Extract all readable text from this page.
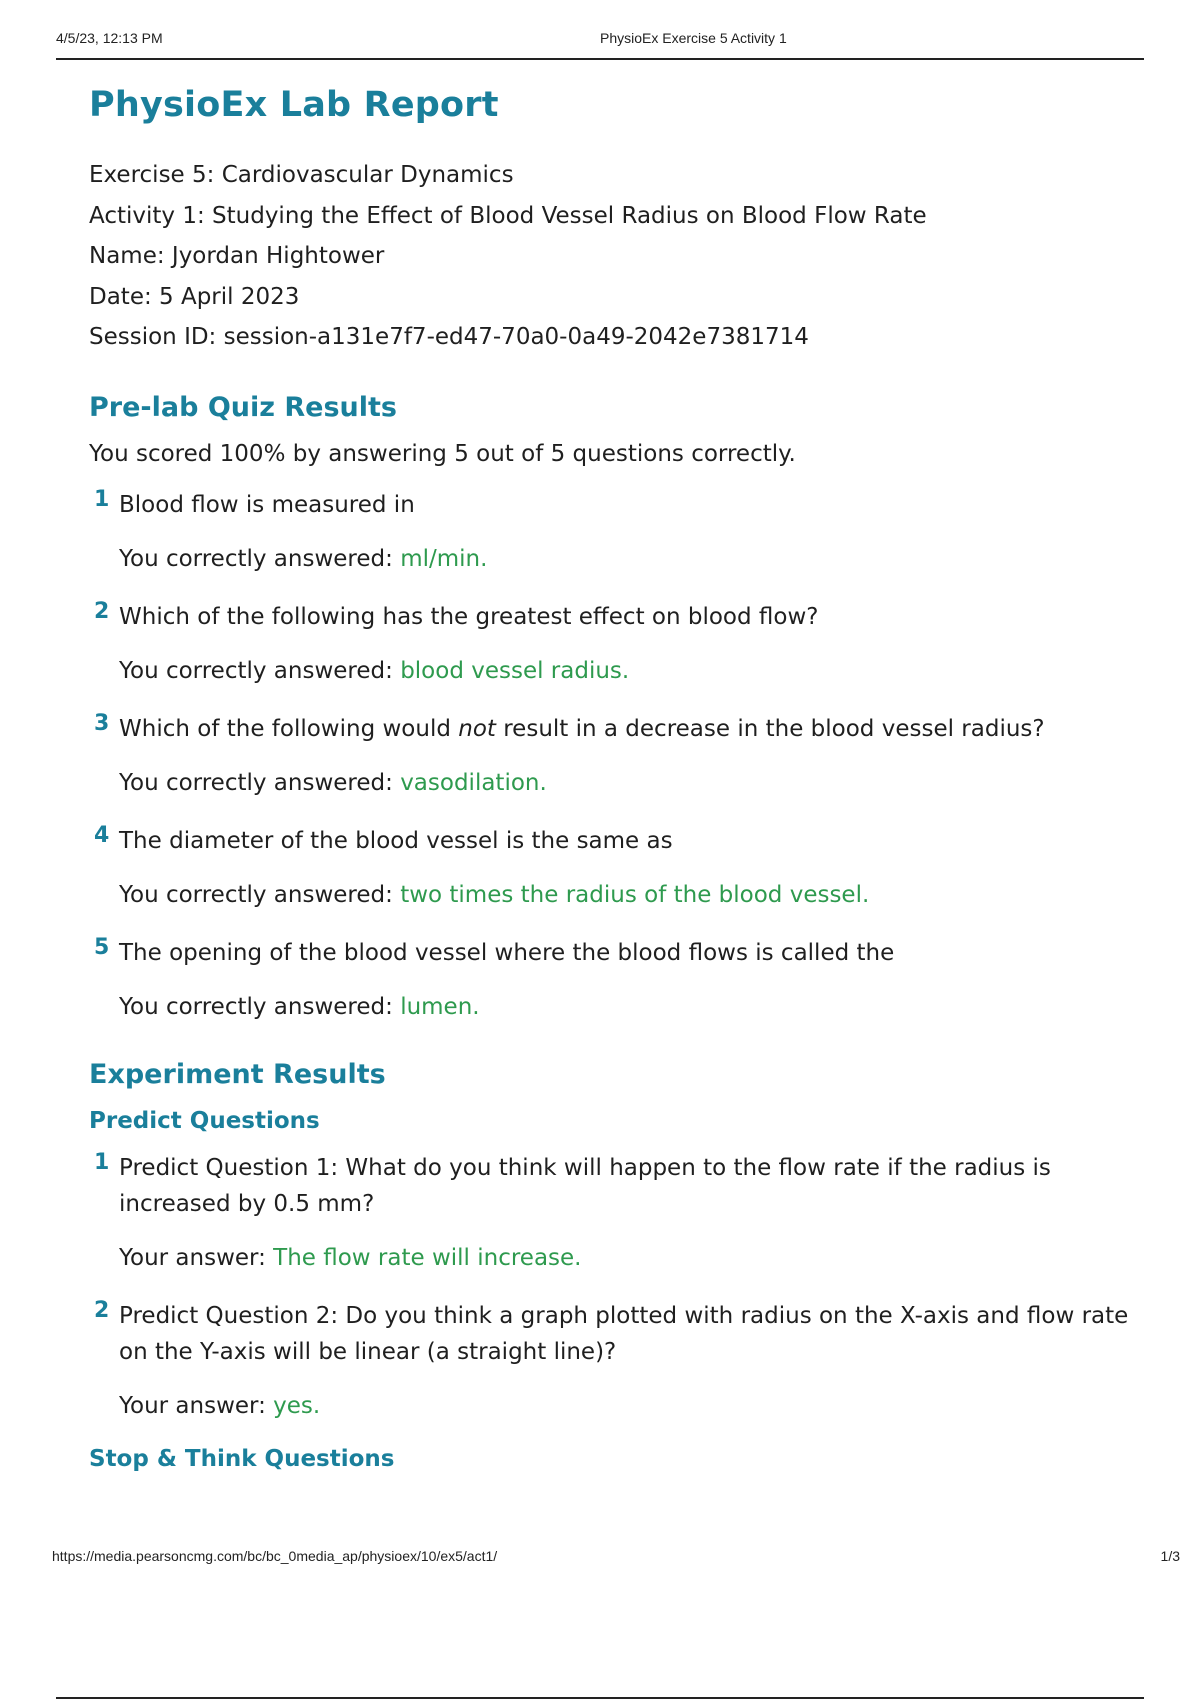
4/5/23, 12:13 PM	PhysioEx Exercise 5 Activity 1
PhysioEx Lab Report
Exercise 5: Cardiovascular Dynamics
Activity 1: Studying the Effect of Blood Vessel Radius on Blood Flow Rate
Name: Jyordan Hightower
Date: 5 April 2023
Session ID: session-a131e7f7-ed47-70a0-0a49-2042e7381714
Pre-lab Quiz Results
You scored 100% by answering 5 out of 5 questions correctly.
1 Blood flow is measured in
You correctly answered: ml/min.
2 Which of the following has the greatest effect on blood flow?
You correctly answered: blood vessel radius.
3 Which of the following would not result in a decrease in the blood vessel radius?
You correctly answered: vasodilation.
4 The diameter of the blood vessel is the same as
You correctly answered: two times the radius of the blood vessel.
5 The opening of the blood vessel where the blood flows is called the
You correctly answered: lumen.
Experiment Results
Predict Questions
1 Predict Question 1: What do you think will happen to the flow rate if the radius is increased by 0.5 mm?
Your answer: The flow rate will increase.
2 Predict Question 2: Do you think a graph plotted with radius on the X-axis and flow rate on the Y-axis will be linear (a straight line)?
Your answer: yes.
Stop & Think Questions
https://media.pearsoncmg.com/bc/bc_0media_ap/physioex/10/ex5/act1/	1/3
